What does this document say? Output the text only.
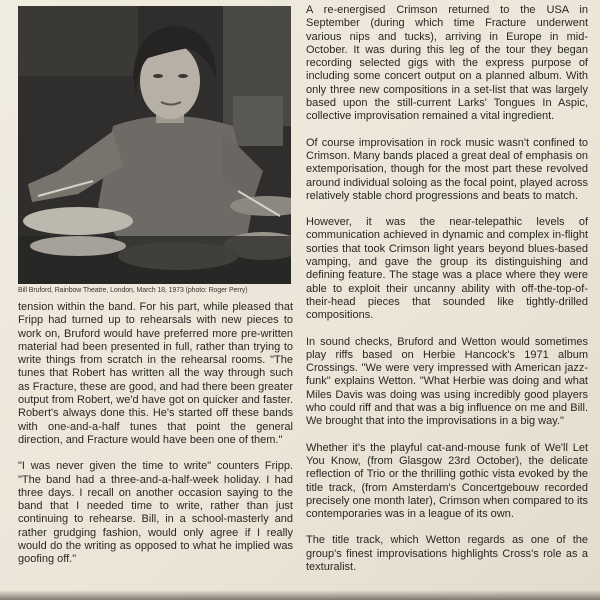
Bill Bruford, Rainbow Theatre, London, March 18, 1973 (photo: Roger Perry)

tension within the band. For his part, while pleased that Fripp had turned up to rehearsals with new pieces to work on, Bruford would have preferred more pre-written material had been presented in full, rather than trying to write things from scratch in the rehearsal rooms. "The tunes that Robert has written all the way through such as Fracture, these are good, and had there been greater output from Robert, we'd have got on quicker and faster. Robert's always done this. He's started off these bands with one-and-a-half tunes that point the general direction, and Fracture would have been one of them."

"I was never given the time to write" counters Fripp. "The band had a three-and-a-half-week holiday. I had three days. I recall on another occasion saying to the band that I needed time to write, rather than just continuing to rehearse. Bill, in a school-masterly and rather grudging fashion, would only agree if I really would do the writing as opposed to what he implied was goofing off."

A re-energised Crimson returned to the USA in September (during which time Fracture underwent various nips and tucks), arriving in Europe in mid-October. It was during this leg of the tour they began recording selected gigs with the express purpose of including some concert output on a planned album. With only three new compositions in a set-list that was largely based upon the still-current Larks' Tongues In Aspic, collective improvisation remained a vital ingredient.

Of course improvisation in rock music wasn't confined to Crimson. Many bands placed a great deal of emphasis on extemporisation, though for the most part these revolved around individual soloing as the focal point, played across relatively stable chord progressions and beats to match.

However, it was the near-telepathic levels of communication achieved in dynamic and complex in-flight sorties that took Crimson light years beyond blues-based vamping, and gave the group its distinguishing and defining feature. The stage was a place where they were able to exploit their uncanny ability with off-the-top-of-their-head pieces that sounded like tightly-drilled compositions.

In sound checks, Bruford and Wetton would sometimes play riffs based on Herbie Hancock's 1971 album Crossings. "We were very impressed with American jazz-funk" explains Wetton. "What Herbie was doing and what Miles Davis was doing was using incredibly good players who could riff and that was a big influence on me and Bill. We brought that into the improvisations in a big way."

Whether it's the playful cat-and-mouse funk of We'll Let You Know, (from Glasgow 23rd October), the delicate reflection of Trio or the thrilling gothic vista evoked by the title track, (from Amsterdam's Concertgebouw recorded precisely one month later), Crimson when compared to its contemporaries was in a league of its own.

The title track, which Wetton regards as one of the group's finest improvisations highlights Cross's role as a texturalist.
